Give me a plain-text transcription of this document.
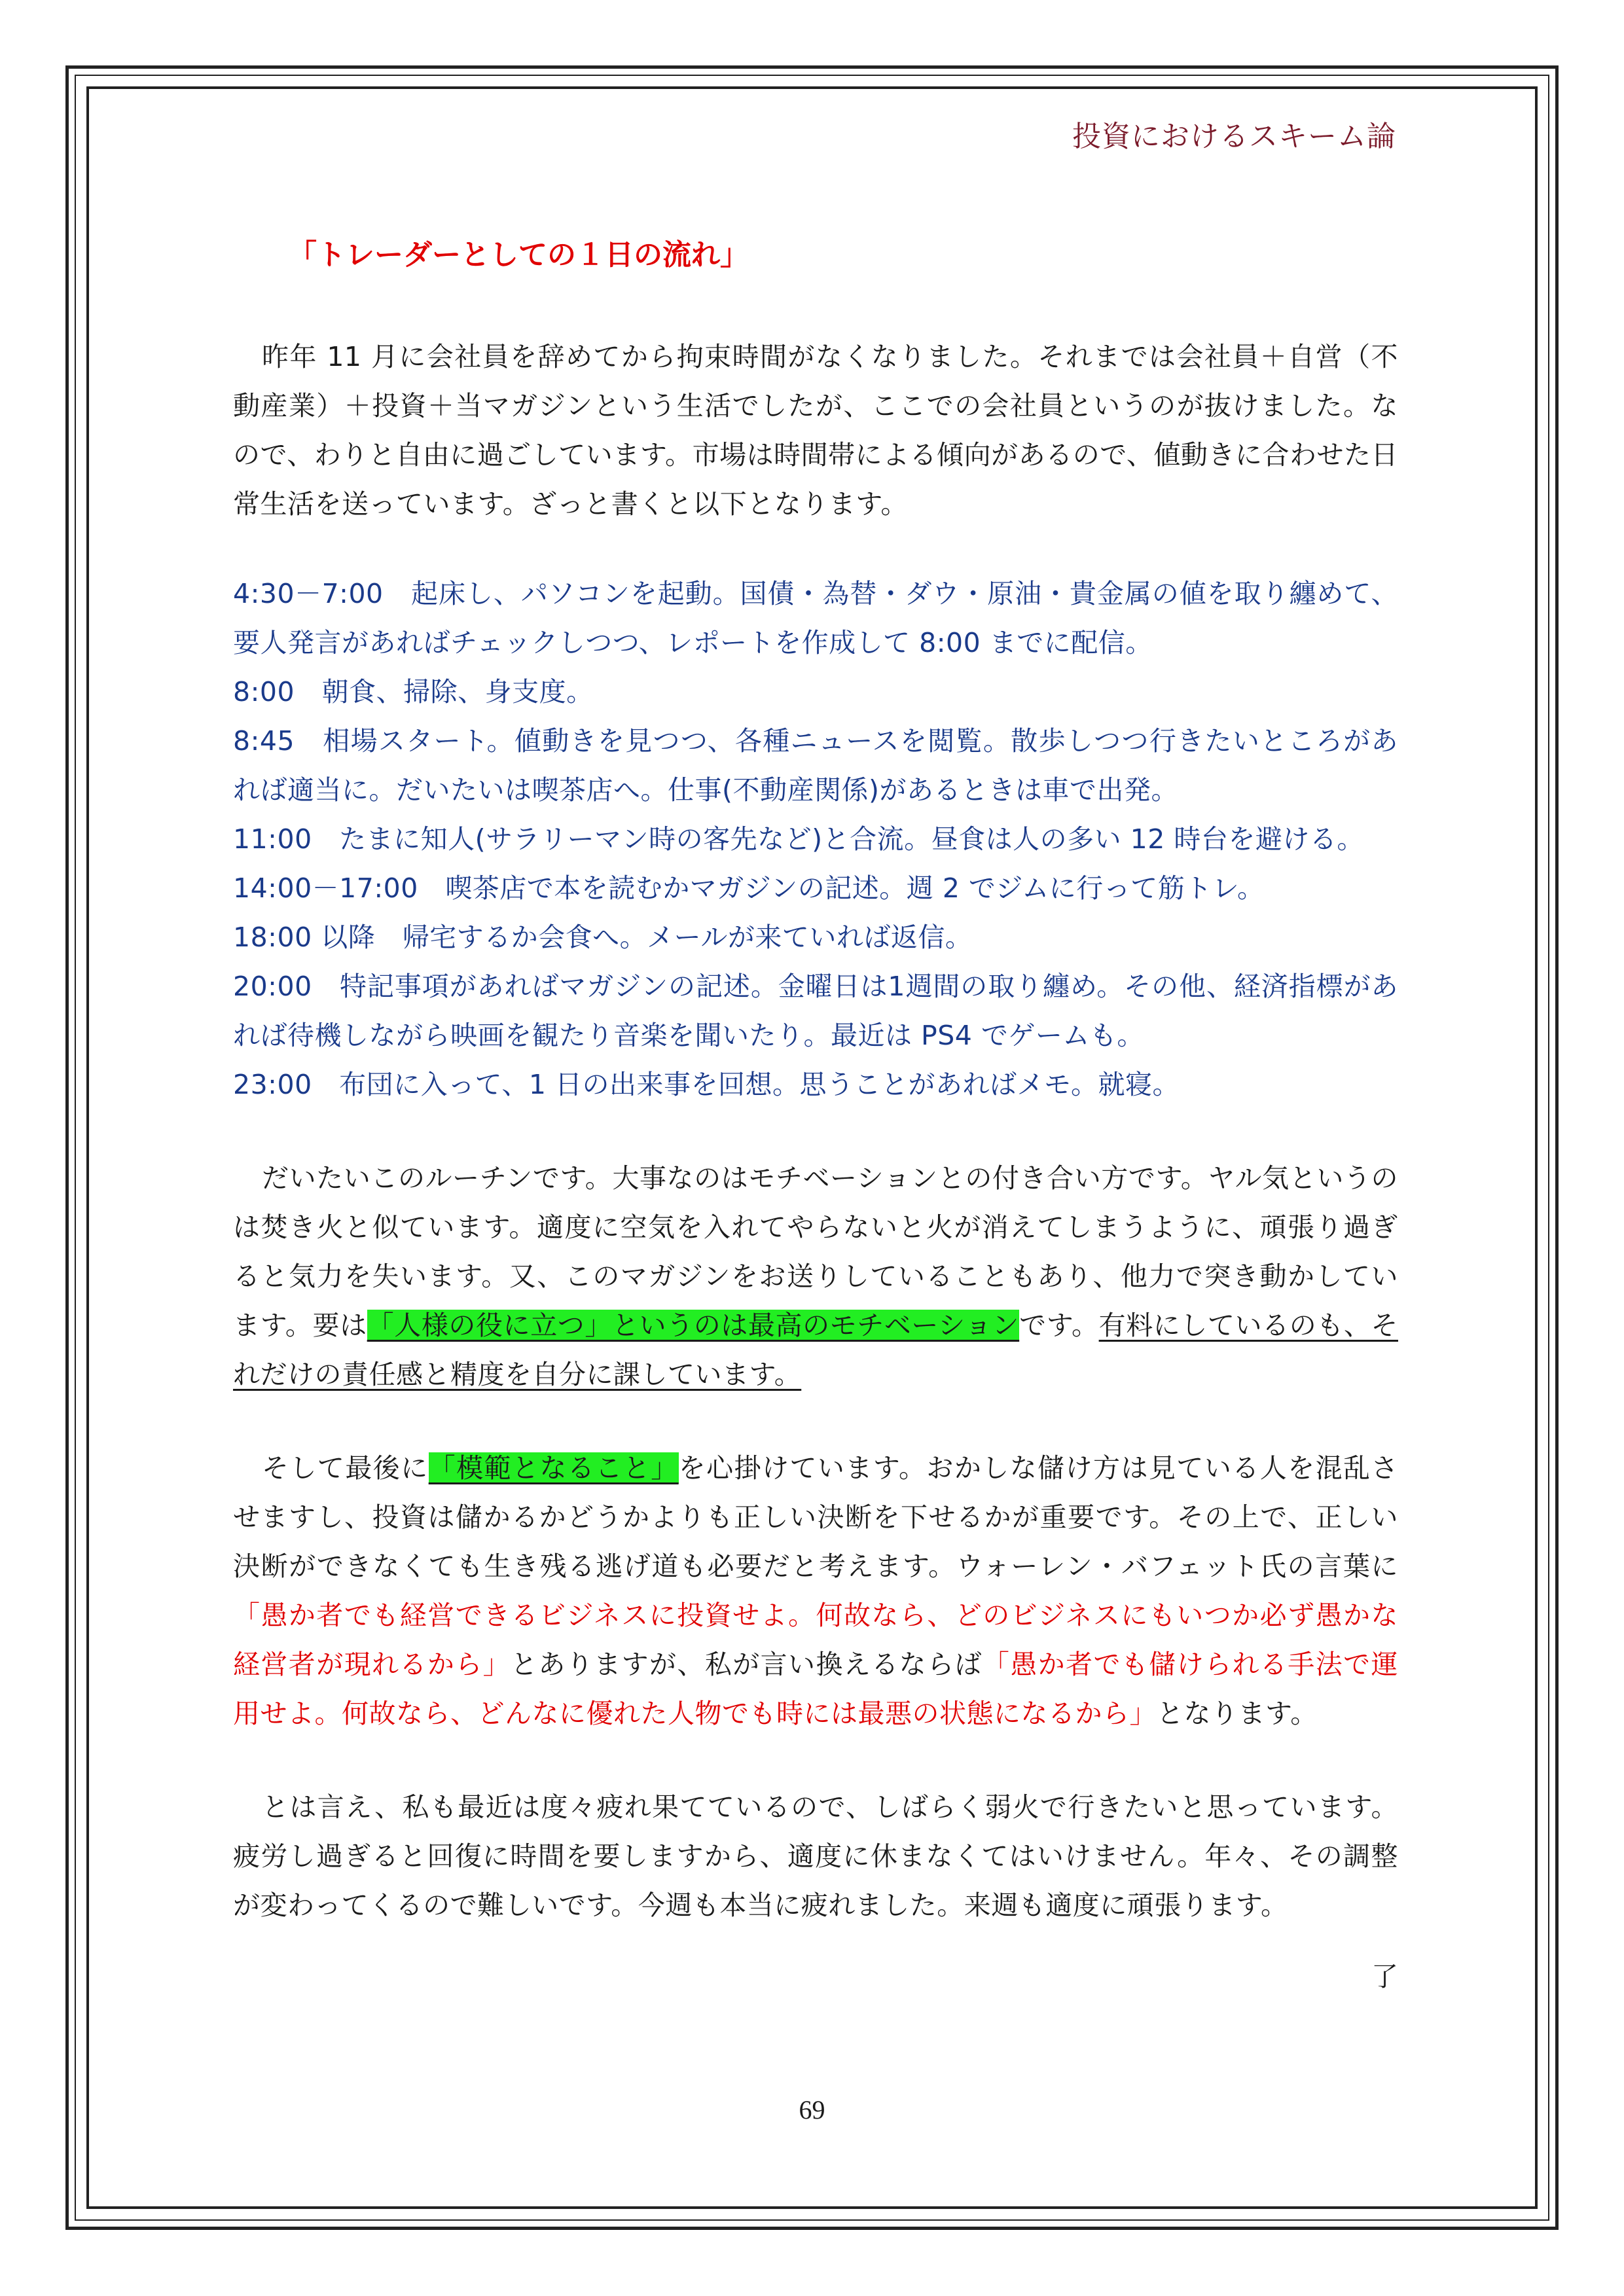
投資におけるスキーム論
「トレーダーとしての１日の流れ」

昨年 11 月に会社員を辞めてから拘束時間がなくなりました。それまでは会社員＋自営（不動産業）＋投資＋当マガジンという生活でしたが、ここでの会社員というのが抜けました。なので、わりと自由に過ごしています。市場は時間帯による傾向があるので、値動きに合わせた日常生活を送っています。ざっと書くと以下となります。

4:30－7:00　起床し、パソコンを起動。国債・為替・ダウ・原油・貴金属の値を取り纏めて、要人発言があればチェックしつつ、レポートを作成して 8:00 までに配信。

8:00　朝食、掃除、身支度。

8:45　相場スタート。値動きを見つつ、各種ニュースを閲覧。散歩しつつ行きたいところがあれば適当に。だいたいは喫茶店へ。仕事(不動産関係)があるときは車で出発。

11:00　たまに知人(サラリーマン時の客先など)と合流。昼食は人の多い 12 時台を避ける。

14:00－17:00　喫茶店で本を読むかマガジンの記述。週 2 でジムに行って筋トレ。

18:00 以降　帰宅するか会食へ。メールが来ていれば返信。

20:00　特記事項があればマガジンの記述。金曜日は1週間の取り纏め。その他、経済指標があれば待機しながら映画を観たり音楽を聞いたり。最近は PS4 でゲームも。

23:00　布団に入って、1 日の出来事を回想。思うことがあればメモ。就寝。

だいたいこのルーチンです。大事なのはモチベーションとの付き合い方です。ヤル気というのは焚き火と似ています。適度に空気を入れてやらないと火が消えてしまうように、頑張り過ぎると気力を失います。又、このマガジンをお送りしていることもあり、他力で突き動かしています。要は「人様の役に立つ」というのは最高のモチベーションです。有料にしているのも、それだけの責任感と精度を自分に課しています。

そして最後に「模範となること」を心掛けています。おかしな儲け方は見ている人を混乱させますし、投資は儲かるかどうかよりも正しい決断を下せるかが重要です。その上で、正しい決断ができなくても生き残る逃げ道も必要だと考えます。ウォーレン・バフェット氏の言葉に「愚か者でも経営できるビジネスに投資せよ。何故なら、どのビジネスにもいつか必ず愚かな経営者が現れるから」とありますが、私が言い換えるならば「愚か者でも儲けられる手法で運用せよ。何故なら、どんなに優れた人物でも時には最悪の状態になるから」となります。

とは言え、私も最近は度々疲れ果てているので、しばらく弱火で行きたいと思っています。疲労し過ぎると回復に時間を要しますから、適度に休まなくてはいけません。年々、その調整が変わってくるので難しいです。今週も本当に疲れました。来週も適度に頑張ります。

了
69
